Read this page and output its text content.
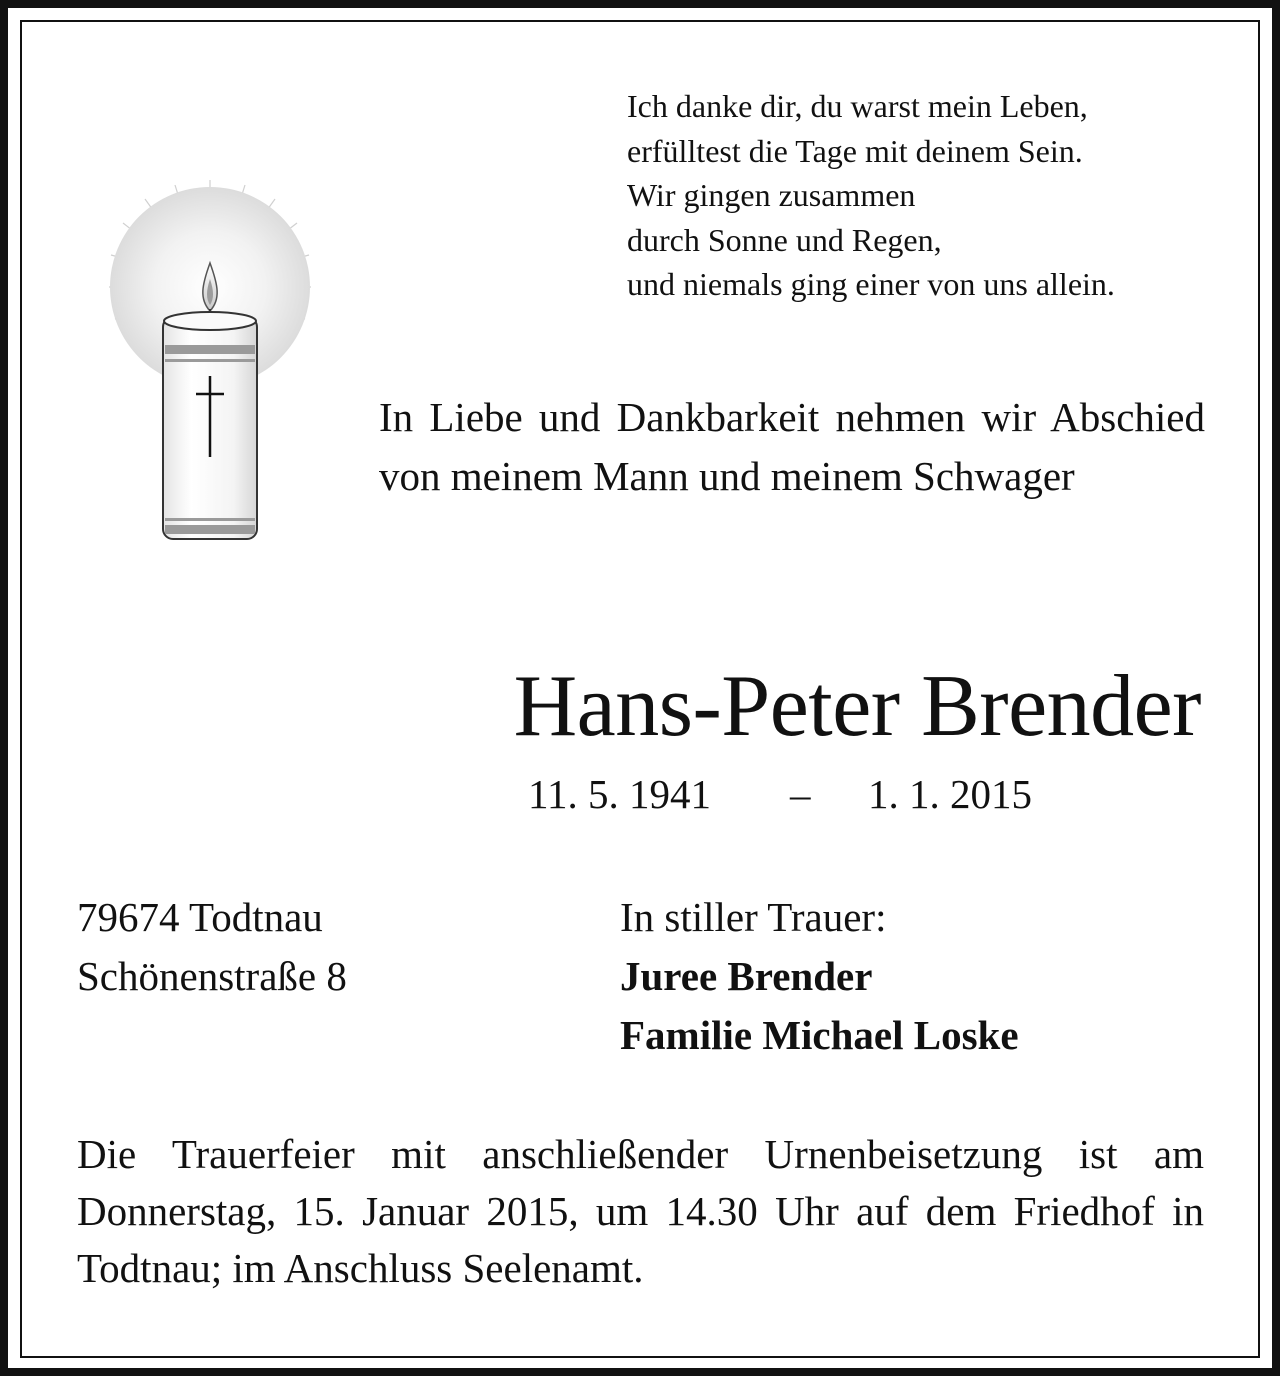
Ich danke dir, du warst mein Leben,
erfülltest die Tage mit deinem Sein.
Wir gingen zusammen
durch Sonne und Regen,
und niemals ging einer von uns allein.
In Liebe und Dankbarkeit nehmen wir Abschied von meinem Mann und meinem Schwager
Hans-Peter Brender
11. 5. 1941 – 1. 1. 2015
79674 Todtnau
Schönenstraße 8
In stiller Trauer:
Juree Brender
Familie Michael Loske
Die Trauerfeier mit anschließender Urnenbeisetzung ist am Donnerstag, 15. Januar 2015, um 14.30 Uhr auf dem Friedhof in Todtnau; im Anschluss Seelenamt.
